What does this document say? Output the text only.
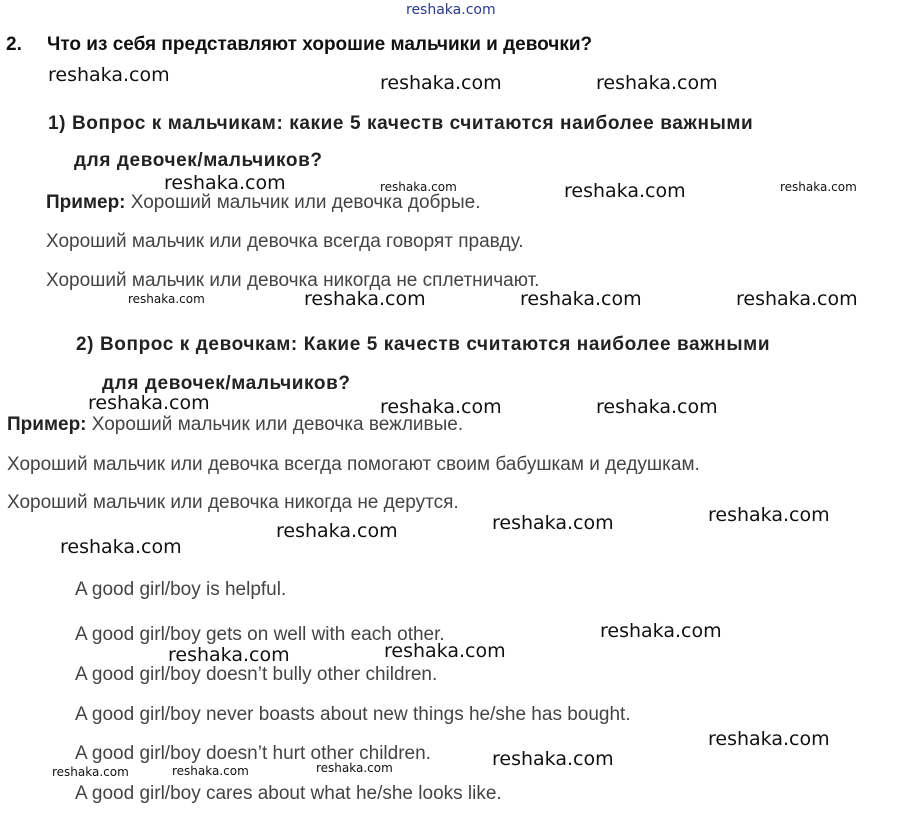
reshaka.com
2. Что из себя представляют хорошие мальчики и девочки?
1) Вопрос к мальчикам: какие 5 качеств считаются наиболее важными
для девочек/мальчиков?
Пример: Хороший мальчик или девочка добрые.
Хороший мальчик или девочка всегда говорят правду.
Хороший мальчик или девочка никогда не сплетничают.
2) Вопрос к девочкам: Какие 5 качеств считаются наиболее важными
для девочек/мальчиков?
Пример: Хороший мальчик или девочка вежливые.
Хороший мальчик или девочка всегда помогают своим бабушкам и дедушкам.
Хороший мальчик или девочка никогда не дерутся.
A good girl/boy is helpful.
A good girl/boy gets on well with each other.
A good girl/boy doesn’t bully other children.
A good girl/boy never boasts about new things he/she has bought.
A good girl/boy doesn’t hurt other children.
A good girl/boy cares about what he/she looks like.
reshaka.com	reshaka.com	reshaka.com
reshaka.com	reshaka.com
reshaka.com	reshaka.com	reshaka.com
reshaka.com	reshaka.com	reshaka.com
reshaka.com	reshaka.com	reshaka.com
reshaka.com
reshaka.com
reshaka.com	reshaka.com
reshaka.com
reshaka.com
reshaka.com	reshaka.com
reshaka.com
reshaka.com	reshaka.com	reshaka.com
